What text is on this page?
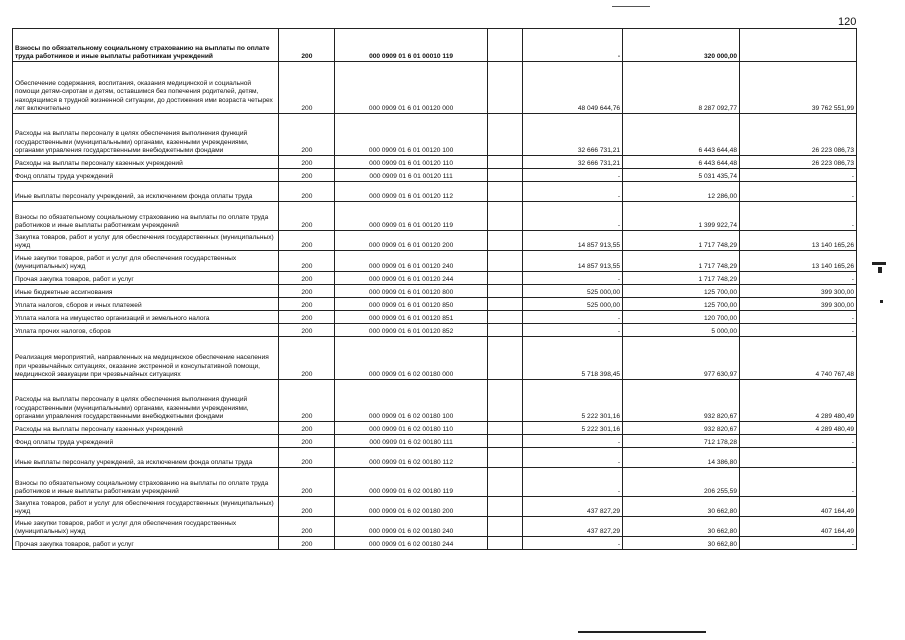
120
Взносы по обязательному социальному страхованию на выплаты по оплате труда работников и иные выплаты работникам учреждений	200	000 0909 01 6 01 00010 119		-	320 000,00	
Обеспечение содержания, воспитания, оказания медицинской и социальной помощи детям-сиротам и детям, оставшимся без попечения родителей, детям, находящимся в трудной жизненной ситуации, до достижения ими возраста четырех лет включительно	200	000 0909 01 6 01 00120 000		48 049 644,76	8 287 092,77	39 762 551,99
Расходы на выплаты персоналу в целях обеспечения выполнения функций государственными (муниципальными) органами, казенными учреждениями, органами управления государственными внебюджетными фондами	200	000 0909 01 6 01 00120 100		32 666 731,21	6 443 644,48	26 223 086,73
Расходы на выплаты персоналу казенных учреждений	200	000 0909 01 6 01 00120 110		32 666 731,21	6 443 644,48	26 223 086,73
Фонд оплаты труда учреждений	200	000 0909 01 6 01 00120 111		-	5 031 435,74	-
Иные выплаты персоналу учреждений, за исключением фонда оплаты труда	200	000 0909 01 6 01 00120 112		-	12 286,00	-
Взносы по обязательному социальному страхованию на выплаты по оплате труда работников и иные выплаты работникам учреждений	200	000 0909 01 6 01 00120 119		-	1 399 922,74	-
Закупка товаров, работ и услуг для обеспечения государственных (муниципальных) нужд	200	000 0909 01 6 01 00120 200		14 857 913,55	1 717 748,29	13 140 165,26
Иные закупки товаров, работ и услуг для обеспечения государственных (муниципальных) нужд	200	000 0909 01 6 01 00120 240		14 857 913,55	1 717 748,29	13 140 165,26
Прочая закупка товаров, работ и услуг	200	000 0909 01 6 01 00120 244		-	1 717 748,29	-
Иные бюджетные ассигнования	200	000 0909 01 6 01 00120 800		525 000,00	125 700,00	399 300,00
Уплата налогов, сборов и иных платежей	200	000 0909 01 6 01 00120 850		525 000,00	125 700,00	399 300,00
Уплата налога на имущество организаций и земельного налога	200	000 0909 01 6 01 00120 851		-	120 700,00	-
Уплата прочих налогов, сборов	200	000 0909 01 6 01 00120 852		-	5 000,00	-
Реализация мероприятий, направленных на медицинское обеспечение населения при чрезвычайных ситуациях, оказание экстренной и консультативной помощи, медицинской эвакуации при чрезвычайных ситуациях	200	000 0909 01 6 02 00180 000		5 718 398,45	977 630,97	4 740 767,48
Расходы на выплаты персоналу в целях обеспечения выполнения функций государственными (муниципальными) органами, казенными учреждениями, органами управления государственными внебюджетными фондами	200	000 0909 01 6 02 00180 100		5 222 301,16	932 820,67	4 289 480,49
Расходы на выплаты персоналу казенных учреждений	200	000 0909 01 6 02 00180 110		5 222 301,16	932 820,67	4 289 480,49
Фонд оплаты труда учреждений	200	000 0909 01 6 02 00180 111		-	712 178,28	-
Иные выплаты персоналу учреждений, за исключением фонда оплаты труда	200	000 0909 01 6 02 00180 112		-	14 386,80	-
Взносы по обязательному социальному страхованию на выплаты по оплате труда работников и иные выплаты работникам учреждений	200	000 0909 01 6 02 00180 119		-	206 255,59	-
Закупка товаров, работ и услуг для обеспечения государственных (муниципальных) нужд	200	000 0909 01 6 02 00180 200		437 827,29	30 662,80	407 164,49
Иные закупки товаров, работ и услуг для обеспечения государственных (муниципальных) нужд	200	000 0909 01 6 02 00180 240		437 827,29	30 662,80	407 164,49
Прочая закупка товаров, работ и услуг	200	000 0909 01 6 02 00180 244		-	30 662,80	-
